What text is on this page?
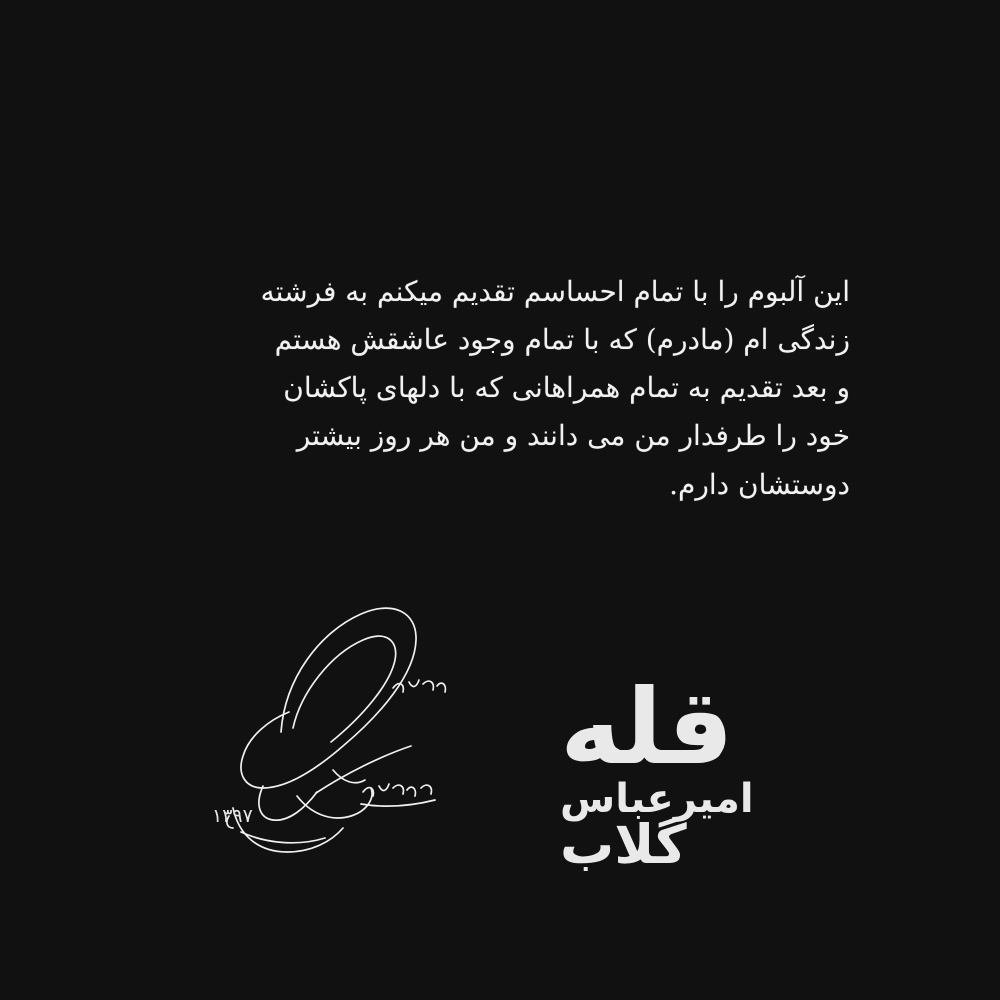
این آلبوم را با تمام احساسم تقدیم میکنم به فرشته
زندگی ام (مادرم) که با تمام وجود عاشقش هستم
و بعد تقدیم به تمام همراهانی که با دلهای پاکشان
خود را طرفدار من می دانند و من هر روز بیشتر
دوستشان دارم.
۱۳۹۷
قله
امیرعباس
گلاب
